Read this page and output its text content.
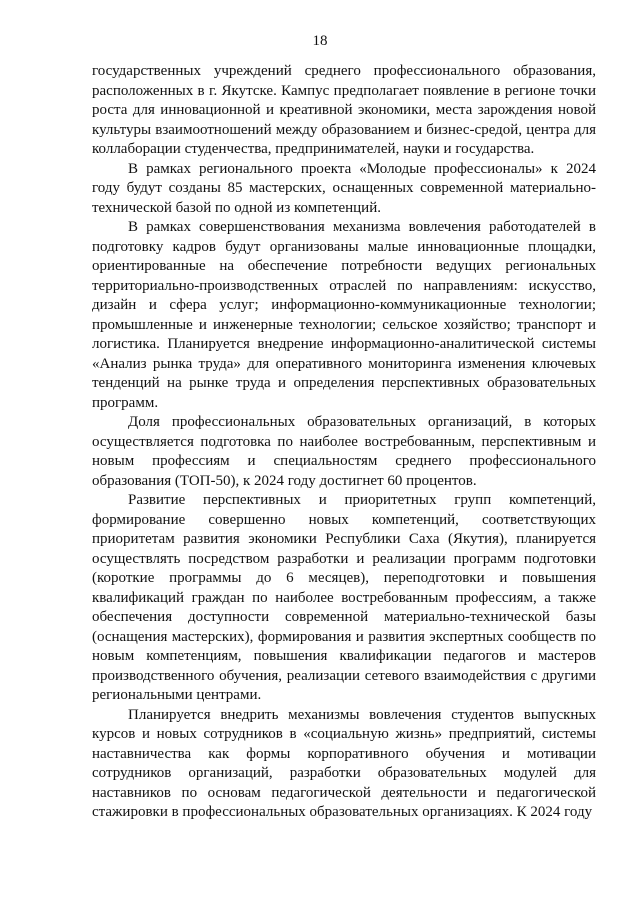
18

государственных учреждений среднего профессионального образования, расположенных в г. Якутске. Кампус предполагает появление в регионе точки роста для инновационной и креативной экономики, места зарождения новой культуры взаимоотношений между образованием и бизнес-средой, центра для коллаборации студенчества, предпринимателей, науки и государства.

В рамках регионального проекта «Молодые профессионалы» к 2024 году будут созданы 85 мастерских, оснащенных современной материально-технической базой по одной из компетенций.

В рамках совершенствования механизма вовлечения работодателей в подготовку кадров будут организованы малые инновационные площадки, ориентированные на обеспечение потребности ведущих региональных территориально-производственных отраслей по направлениям: искусство, дизайн и сфера услуг; информационно-коммуникационные технологии; промышленные и инженерные технологии; сельское хозяйство; транспорт и логистика. Планируется внедрение информационно-аналитической системы «Анализ рынка труда» для оперативного мониторинга изменения ключевых тенденций на рынке труда и определения перспективных образовательных программ.

Доля профессиональных образовательных организаций, в которых осуществляется подготовка по наиболее востребованным, перспективным и новым профессиям и специальностям среднего профессионального образования (ТОП-50), к 2024 году достигнет 60 процентов.

Развитие перспективных и приоритетных групп компетенций, формирование совершенно новых компетенций, соответствующих приоритетам развития экономики Республики Саха (Якутия), планируется осуществлять посредством разработки и реализации программ подготовки (короткие программы до 6 месяцев), переподготовки и повышения квалификаций граждан по наиболее востребованным профессиям, а также обеспечения доступности современной материально-технической базы (оснащения мастерских), формирования и развития экспертных сообществ по новым компетенциям, повышения квалификации педагогов и мастеров производственного обучения, реализации сетевого взаимодействия с другими региональными центрами.

Планируется внедрить механизмы вовлечения студентов выпускных курсов и новых сотрудников в «социальную жизнь» предприятий, системы наставничества как формы корпоративного обучения и мотивации сотрудников организаций, разработки образовательных модулей для наставников по основам педагогической деятельности и педагогической стажировки в профессиональных образовательных организациях. К 2024 году
